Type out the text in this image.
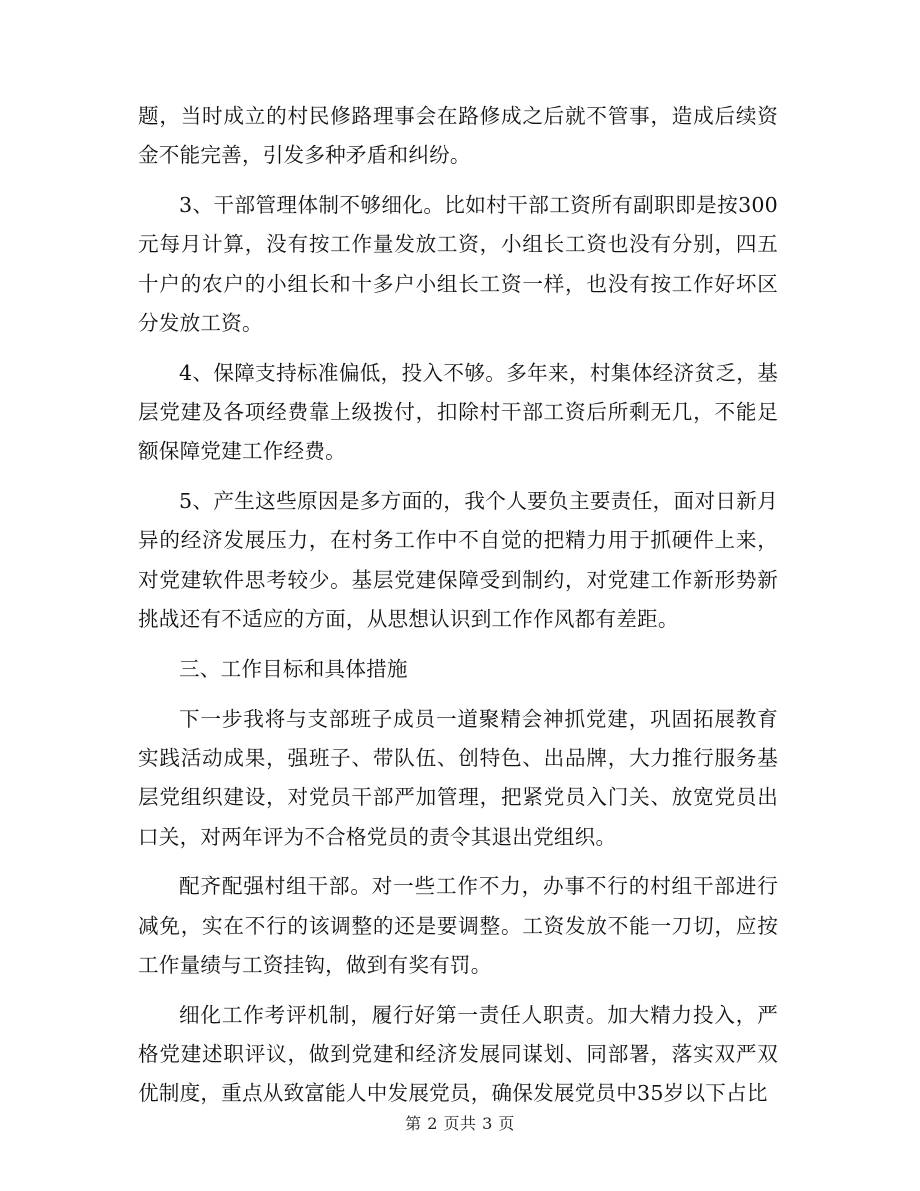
题，当时成立的村民修路理事会在路修成之后就不管事，造成后续资金不能完善，引发多种矛盾和纠纷。

3、干部管理体制不够细化。比如村干部工资所有副职即是按300元每月计算，没有按工作量发放工资，小组长工资也没有分别，四五十户的农户的小组长和十多户小组长工资一样，也没有按工作好坏区分发放工资。

4、保障支持标准偏低，投入不够。多年来，村集体经济贫乏，基层党建及各项经费靠上级拨付，扣除村干部工资后所剩无几，不能足额保障党建工作经费。

5、产生这些原因是多方面的，我个人要负主要责任，面对日新月异的经济发展压力，在村务工作中不自觉的把精力用于抓硬件上来，对党建软件思考较少。基层党建保障受到制约，对党建工作新形势新挑战还有不适应的方面，从思想认识到工作作风都有差距。

三、工作目标和具体措施

下一步我将与支部班子成员一道聚精会神抓党建，巩固拓展教育实践活动成果，强班子、带队伍、创特色、出品牌，大力推行服务基层党组织建设，对党员干部严加管理，把紧党员入门关、放宽党员出口关，对两年评为不合格党员的责令其退出党组织。

配齐配强村组干部。对一些工作不力，办事不行的村组干部进行减免，实在不行的该调整的还是要调整。工资发放不能一刀切，应按工作量绩与工资挂钩，做到有奖有罚。

细化工作考评机制，履行好第一责任人职责。加大精力投入，严格党建述职评议，做到党建和经济发展同谋划、同部署，落实双严双优制度，重点从致富能人中发展党员，确保发展党员中35岁以下占比

第 2 页共 3 页
